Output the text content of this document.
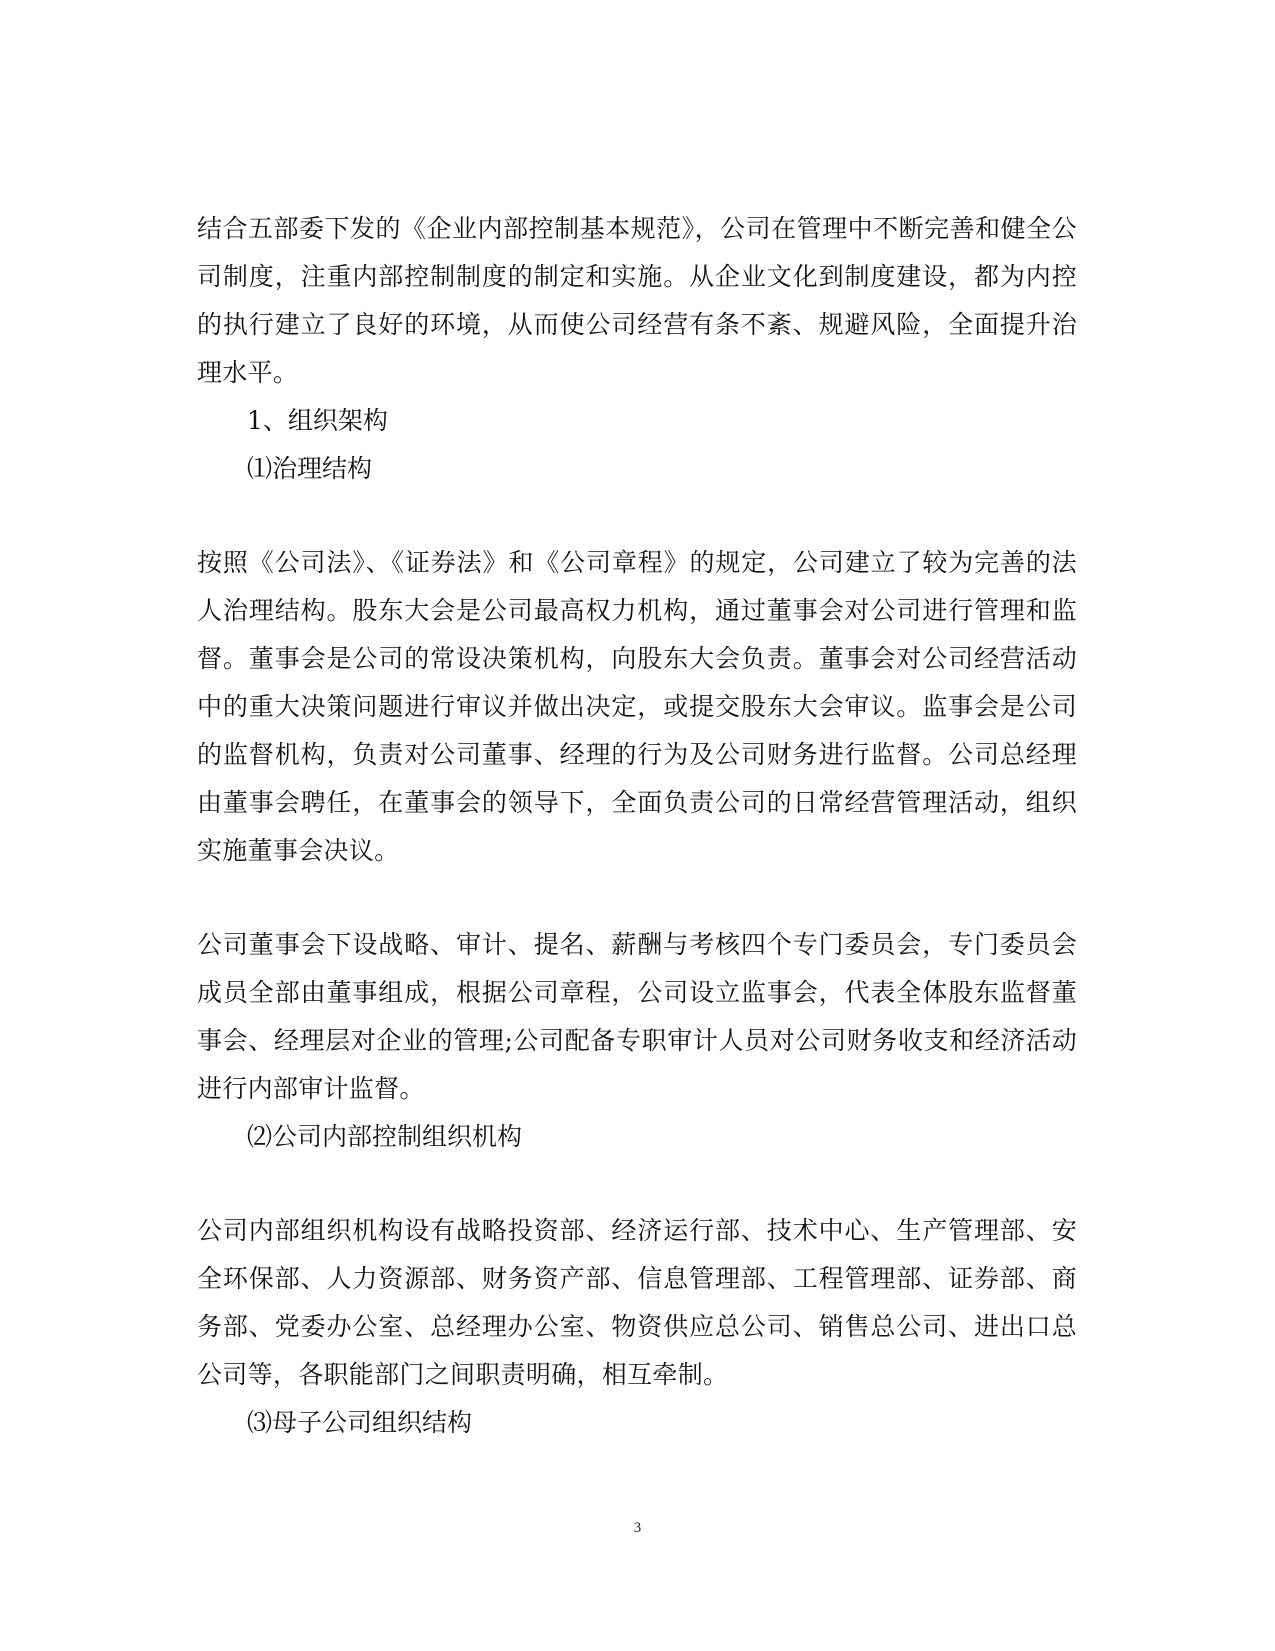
结合五部委下发的《企业内部控制基本规范》，公司在管理中不断完善和健全公司制度，注重内部控制制度的制定和实施。从企业文化到制度建设，都为内控的执行建立了良好的环境，从而使公司经营有条不紊、规避风险，全面提升治理水平。

1、组织架构

⑴治理结构

按照《公司法》、《证券法》和《公司章程》的规定，公司建立了较为完善的法人治理结构。股东大会是公司最高权力机构，通过董事会对公司进行管理和监督。董事会是公司的常设决策机构，向股东大会负责。董事会对公司经营活动中的重大决策问题进行审议并做出决定，或提交股东大会审议。监事会是公司的监督机构，负责对公司董事、经理的行为及公司财务进行监督。公司总经理由董事会聘任，在董事会的领导下，全面负责公司的日常经营管理活动，组织实施董事会决议。

公司董事会下设战略、审计、提名、薪酬与考核四个专门委员会，专门委员会成员全部由董事组成，根据公司章程，公司设立监事会，代表全体股东监督董事会、经理层对企业的管理;公司配备专职审计人员对公司财务收支和经济活动进行内部审计监督。

⑵公司内部控制组织机构

公司内部组织机构设有战略投资部、经济运行部、技术中心、生产管理部、安全环保部、人力资源部、财务资产部、信息管理部、工程管理部、证券部、商务部、党委办公室、总经理办公室、物资供应总公司、销售总公司、进出口总公司等，各职能部门之间职责明确，相互牵制。

⑶母子公司组织结构

3
